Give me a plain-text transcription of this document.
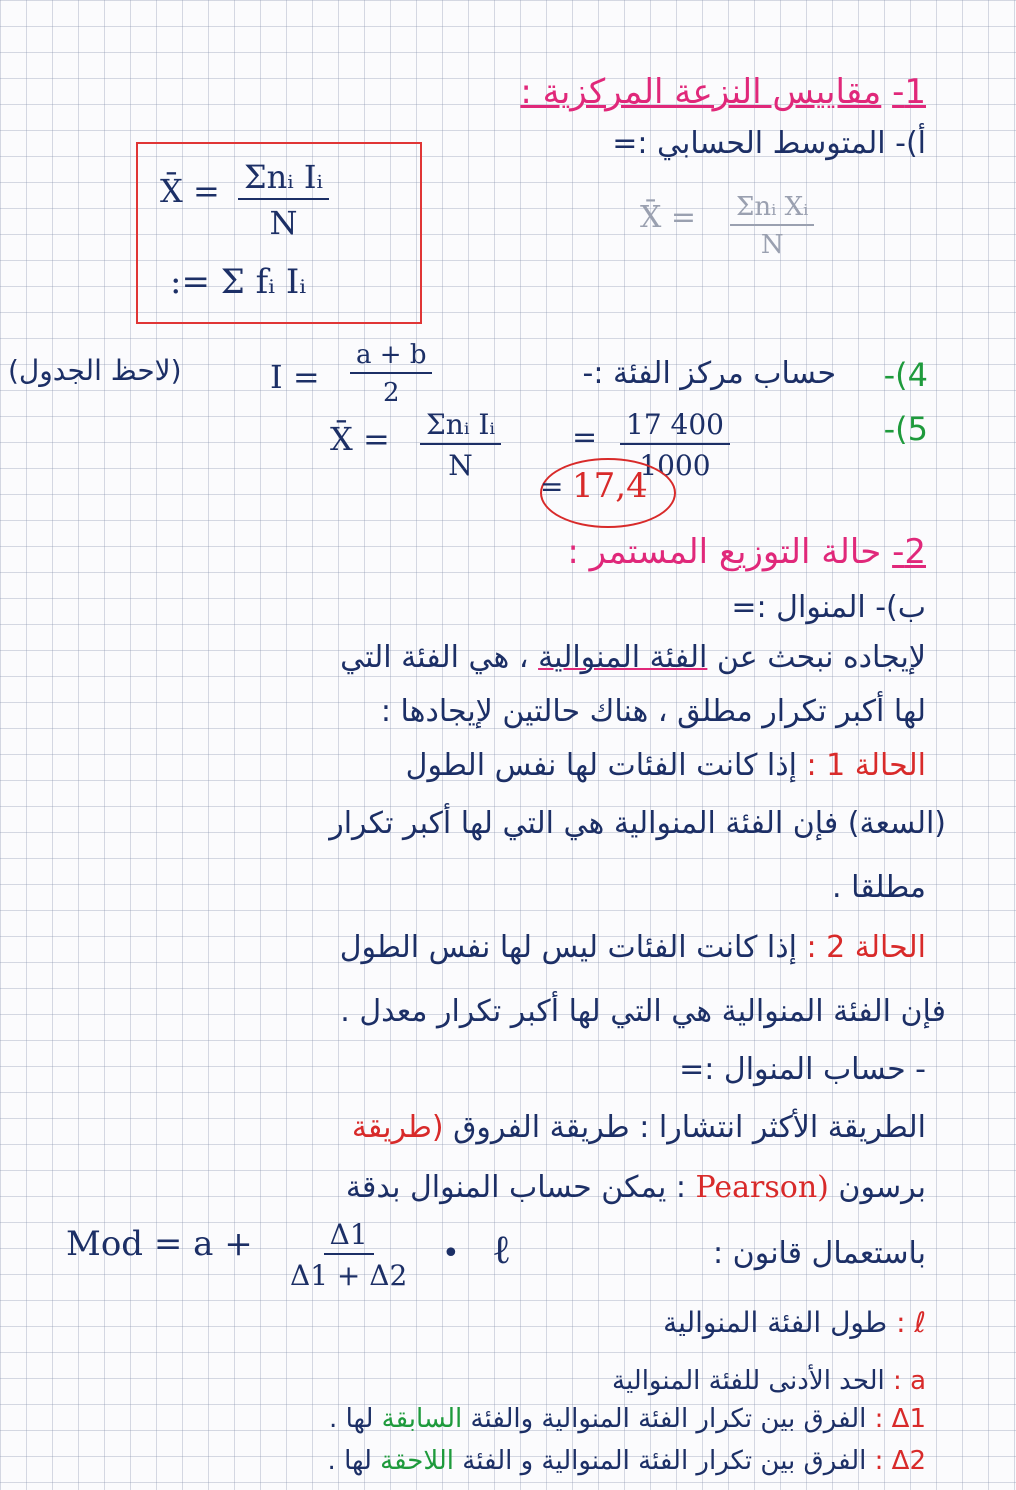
1- مقاييس النزعة المركزية :
أ)- المتوسط الحسابي :=
X̄ = Σnᵢ Iᵢ
N
:= Σ fᵢ Iᵢ
X̄ = Σnᵢ Xᵢ
N
4)-
حساب مركز الفئة :-
$I = \frac{a + b}{2}$
(لاحظ الجدول)
5)-
X̄ = Σnᵢ Iᵢ
N
= $\frac{17 400}{1000}$
= 17,4
2- حالة التوزيع المستمر :
ب)- المنوال :=
لإيجاده نبحث عن الفئة المنوالية ، هي الفئة التي
لها أكبر تكرار مطلق ، هناك حالتين لإيجادها :
الحالة 1 : إذا كانت الفئات لها نفس الطول
(السعة) فإن الفئة المنوالية هي التي لها أكبر تكرار
مطلقا .
الحالة 2 : إذا كانت الفئات ليس لها نفس الطول
فإن الفئة المنوالية هي التي لها أكبر تكرار معدل .
- حساب المنوال :=
الطريقة الأكثر انتشارا : طريقة الفروق (طريقة
برسون (Pearson : يمكن حساب المنوال بدقة
باستعمال قانون :
Mod = $a + \frac{\Delta 1}{\Delta 1 + \Delta 2}$ • ℓ
ℓ : طول الفئة المنوالية
a : الحد الأدنى للفئة المنوالية
Δ1 : الفرق بين تكرار الفئة المنوالية والفئة السابقة لها .
Δ2 : الفرق بين تكرار الفئة المنوالية و الفئة اللاحقة لها .
